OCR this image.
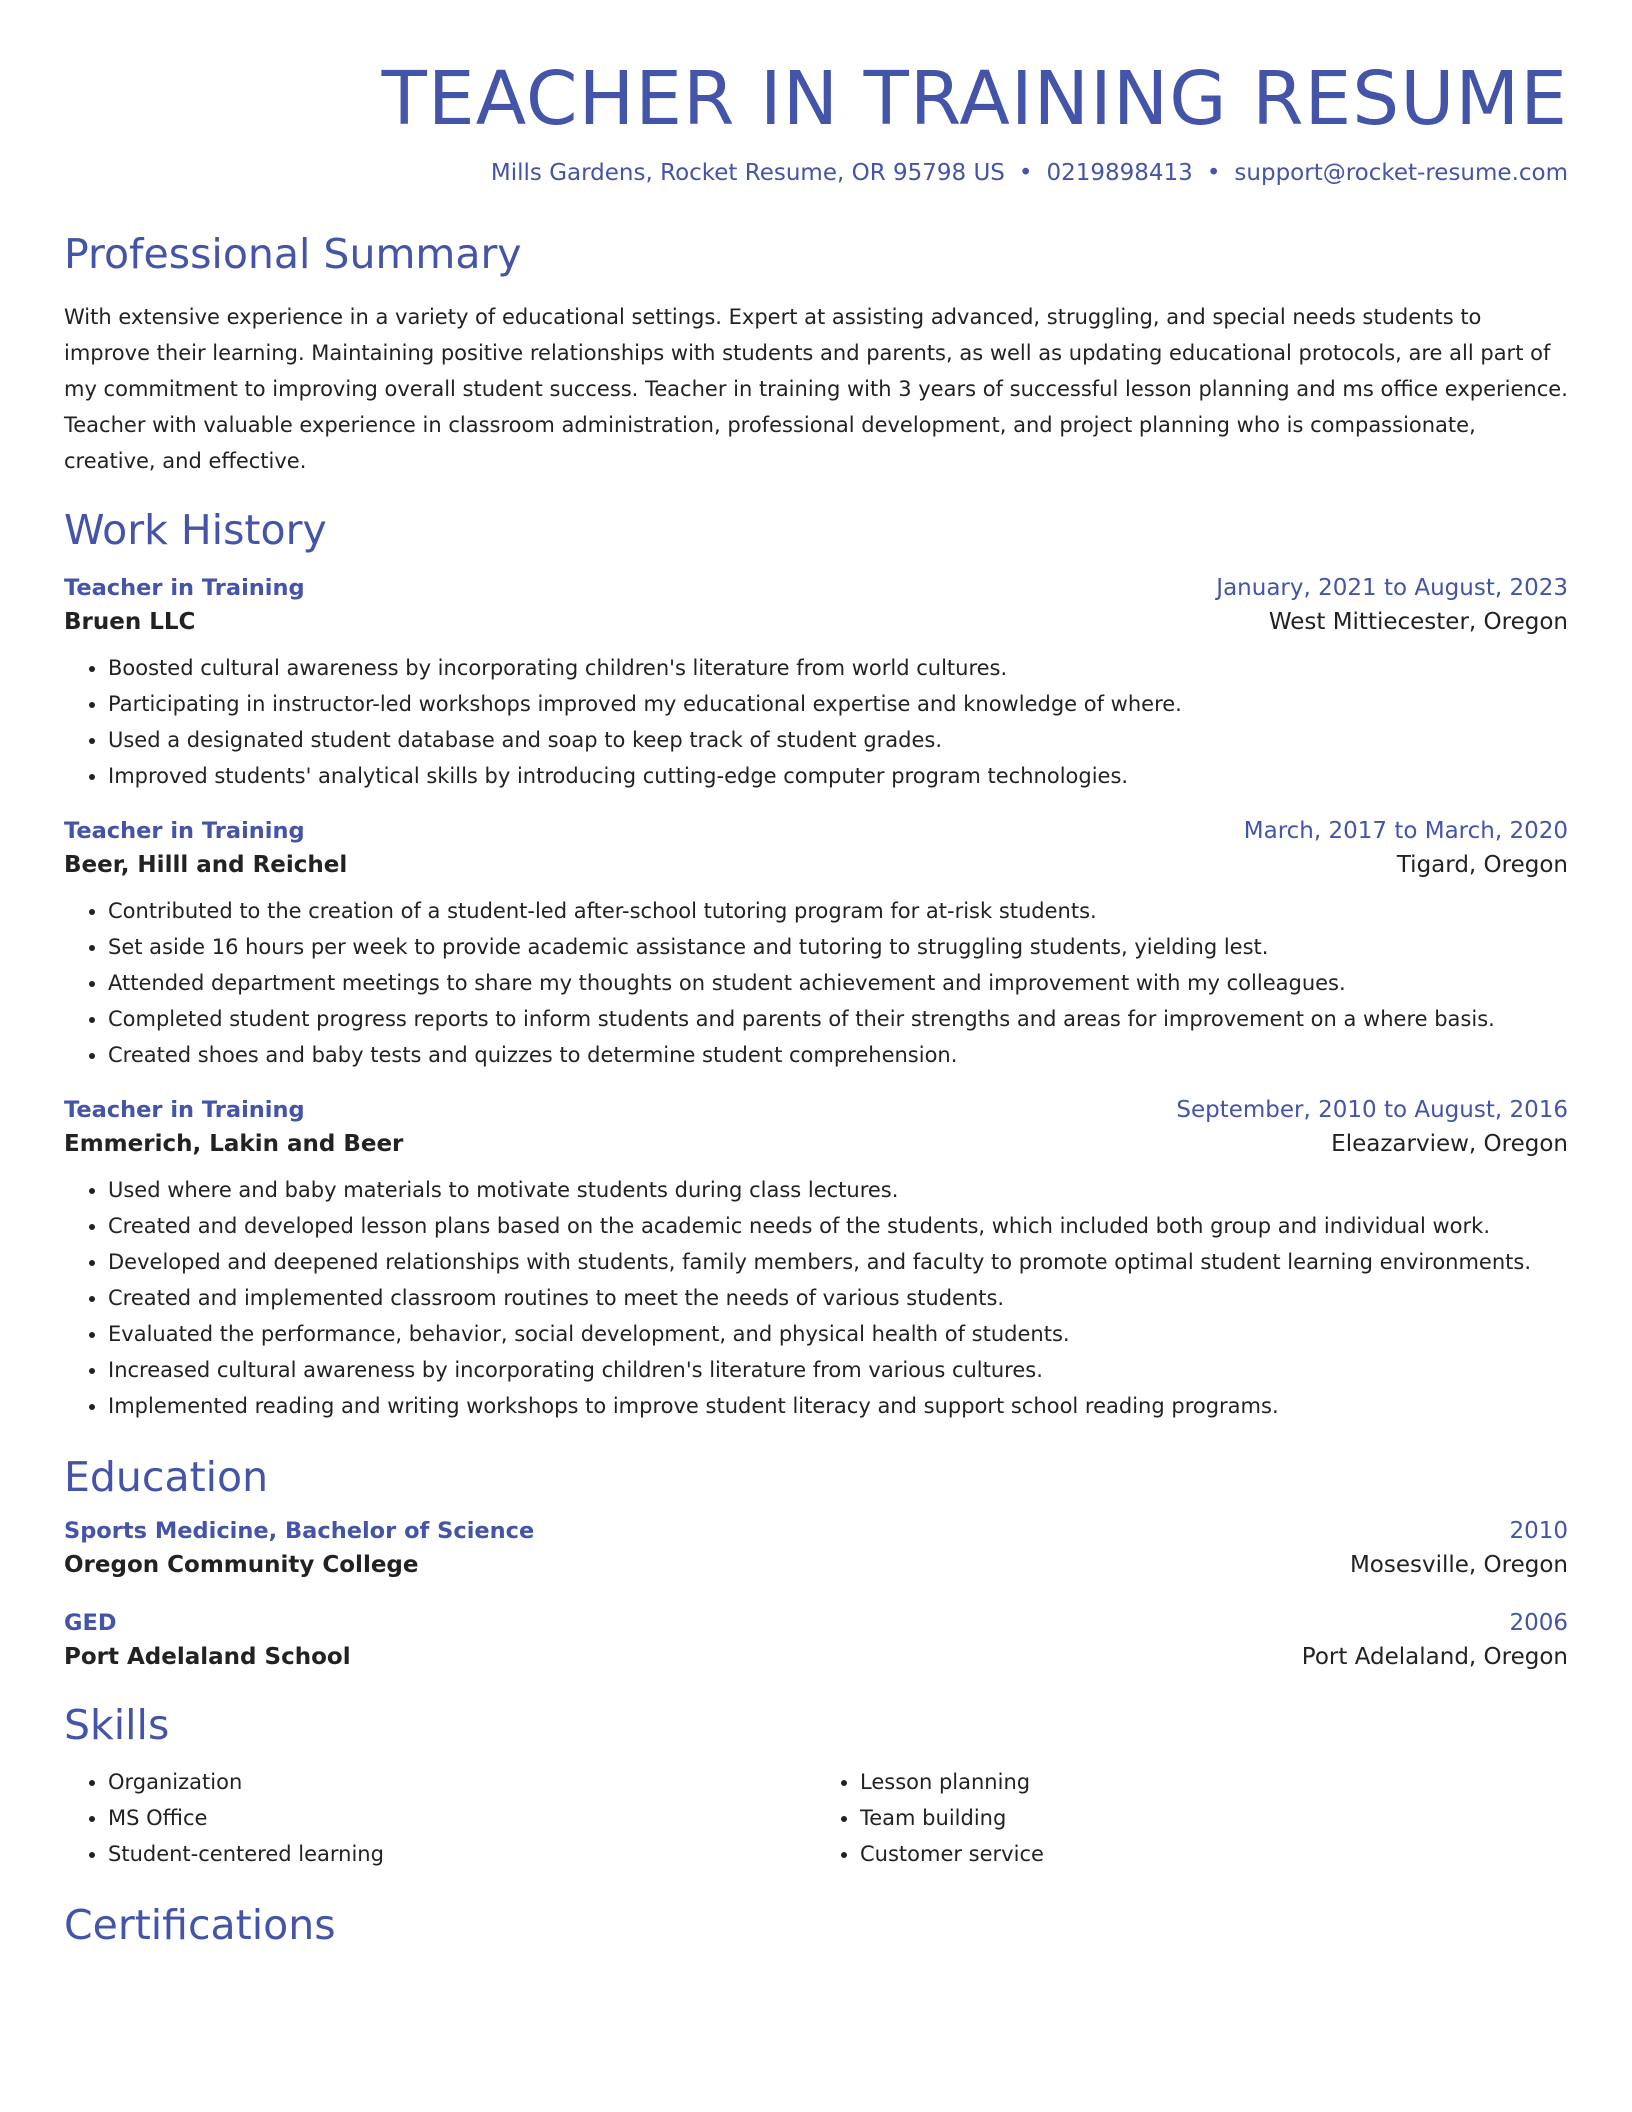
TEACHER IN TRAINING RESUME
Mills Gardens, Rocket Resume, OR 95798 US • 0219898413 • support@rocket-resume.com
Professional Summary

With extensive experience in a variety of educational settings. Expert at assisting advanced, struggling, and special needs students to improve their learning. Maintaining positive relationships with students and parents, as well as updating educational protocols, are all part of my commitment to improving overall student success. Teacher in training with 3 years of successful lesson planning and ms office experience. Teacher with valuable experience in classroom administration, professional development, and project planning who is compassionate, creative, and effective.

Work History
Teacher in Training	January, 2021 to August, 2023
Bruen LLC	West Mittiecester, Oregon
• Boosted cultural awareness by incorporating children's literature from world cultures.
• Participating in instructor-led workshops improved my educational expertise and knowledge of where.
• Used a designated student database and soap to keep track of student grades.
• Improved students' analytical skills by introducing cutting-edge computer program technologies.
Teacher in Training	March, 2017 to March, 2020
Beer, Hilll and Reichel	Tigard, Oregon
• Contributed to the creation of a student-led after-school tutoring program for at-risk students.
• Set aside 16 hours per week to provide academic assistance and tutoring to struggling students, yielding lest.
• Attended department meetings to share my thoughts on student achievement and improvement with my colleagues.
• Completed student progress reports to inform students and parents of their strengths and areas for improvement on a where basis.
• Created shoes and baby tests and quizzes to determine student comprehension.
Teacher in Training	September, 2010 to August, 2016
Emmerich, Lakin and Beer	Eleazarview, Oregon
• Used where and baby materials to motivate students during class lectures.
• Created and developed lesson plans based on the academic needs of the students, which included both group and individual work.
• Developed and deepened relationships with students, family members, and faculty to promote optimal student learning environments.
• Created and implemented classroom routines to meet the needs of various students.
• Evaluated the performance, behavior, social development, and physical health of students.
• Increased cultural awareness by incorporating children's literature from various cultures.
• Implemented reading and writing workshops to improve student literacy and support school reading programs.
Education
Sports Medicine, Bachelor of Science	2010
Oregon Community College	Mosesville, Oregon
GED	2006
Port Adelaland School	Port Adelaland, Oregon
Skills
• Organization
• MS Office
• Student-centered learning
• Lesson planning
• Team building
• Customer service
Certifications
